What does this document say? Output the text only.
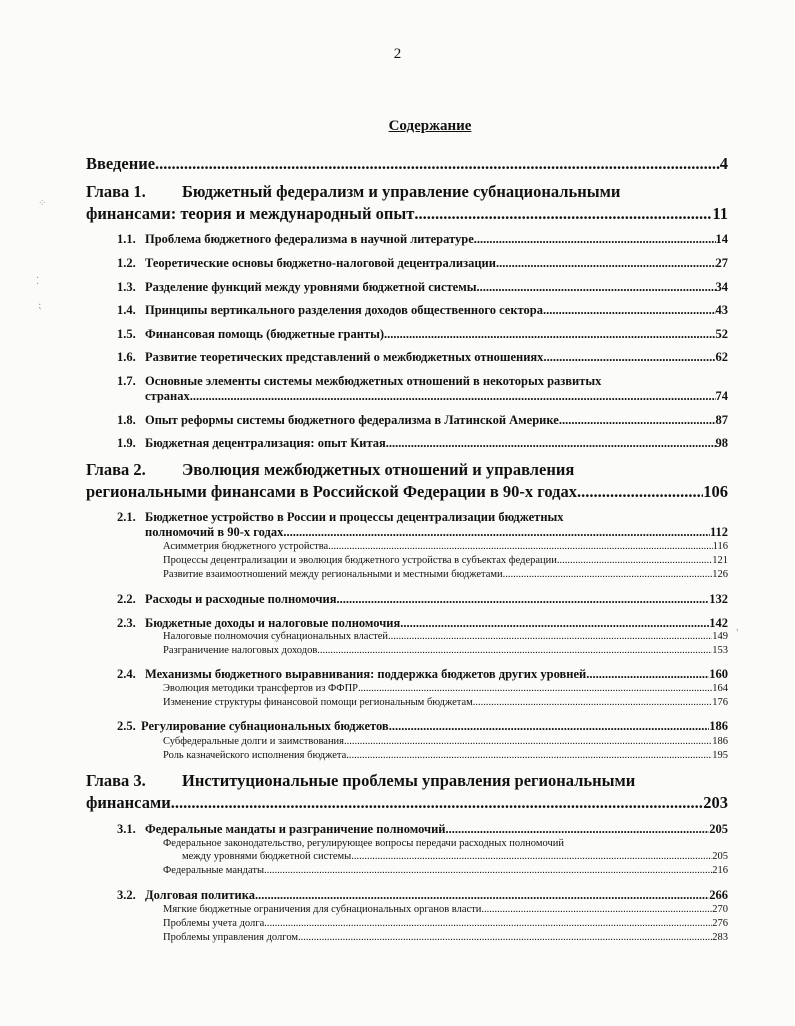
2
Содержание
Введение .....	4
Глава 1. Бюджетный федерализм и управление субнациональными
финансами: теория и международный опыт .....	11
1.1. Проблема бюджетного федерализма в научной литературе .....	14
1.2. Теоретические основы бюджетно-налоговой децентрализации .....	27
1.3. Разделение функций между уровнями бюджетной системы .....	34
1.4. Принципы вертикального разделения доходов общественного сектора .....	43
1.5. Финансовая помощь (бюджетные гранты) .....	52
1.6. Развитие теоретических представлений о межбюджетных отношениях .....	62
1.7. Основные элементы системы межбюджетных отношений в некоторых развитых
странах .....	74
1.8. Опыт реформы системы бюджетного федерализма в Латинской Америке .....	87
1.9. Бюджетная децентрализация: опыт Китая .....	98
Глава 2. Эволюция межбюджетных отношений и управления
региональными финансами в Российской Федерации в 90-х годах .....	106
2.1. Бюджетное устройство в России и процессы децентрализации бюджетных
полномочий в 90-х годах .....	112
Асимметрия бюджетного устройства .....	116
Процессы децентрализации и эволюция бюджетного устройства в субъектах федерации .....	121
Развитие взаимоотношений между региональными и местными бюджетами .....	126
2.2. Расходы и расходные полномочия .....	132
2.3. Бюджетные доходы и налоговые полномочия .....	142
Налоговые полномочия субнациональных властей .....	149
Разграничение налоговых доходов .....	153
2.4. Механизмы бюджетного выравнивания: поддержка бюджетов других уровней .....	160
Эволюция методики трансфертов из ФФПР .....	164
Изменение структуры финансовой помощи региональным бюджетам .....	176
2.5. Регулирование субнациональных бюджетов .....	186
Субфедеральные долги и заимствования .....	186
Роль казначейского исполнения бюджета .....	195
Глава 3. Институциональные проблемы управления региональными
финансами .....	203
3.1. Федеральные мандаты и разграничение полномочий .....	205
Федеральное законодательство, регулирующее вопросы передачи расходных полномочий
между уровнями бюджетной системы .....	205
Федеральные мандаты .....	216
3.2. Долговая политика .....	266
Мягкие бюджетные ограничения для субнациональных органов власти .....	270
Проблемы учета долга .....	276
Проблемы управления долгом .....	283
⁘
⁚
⁏
,
